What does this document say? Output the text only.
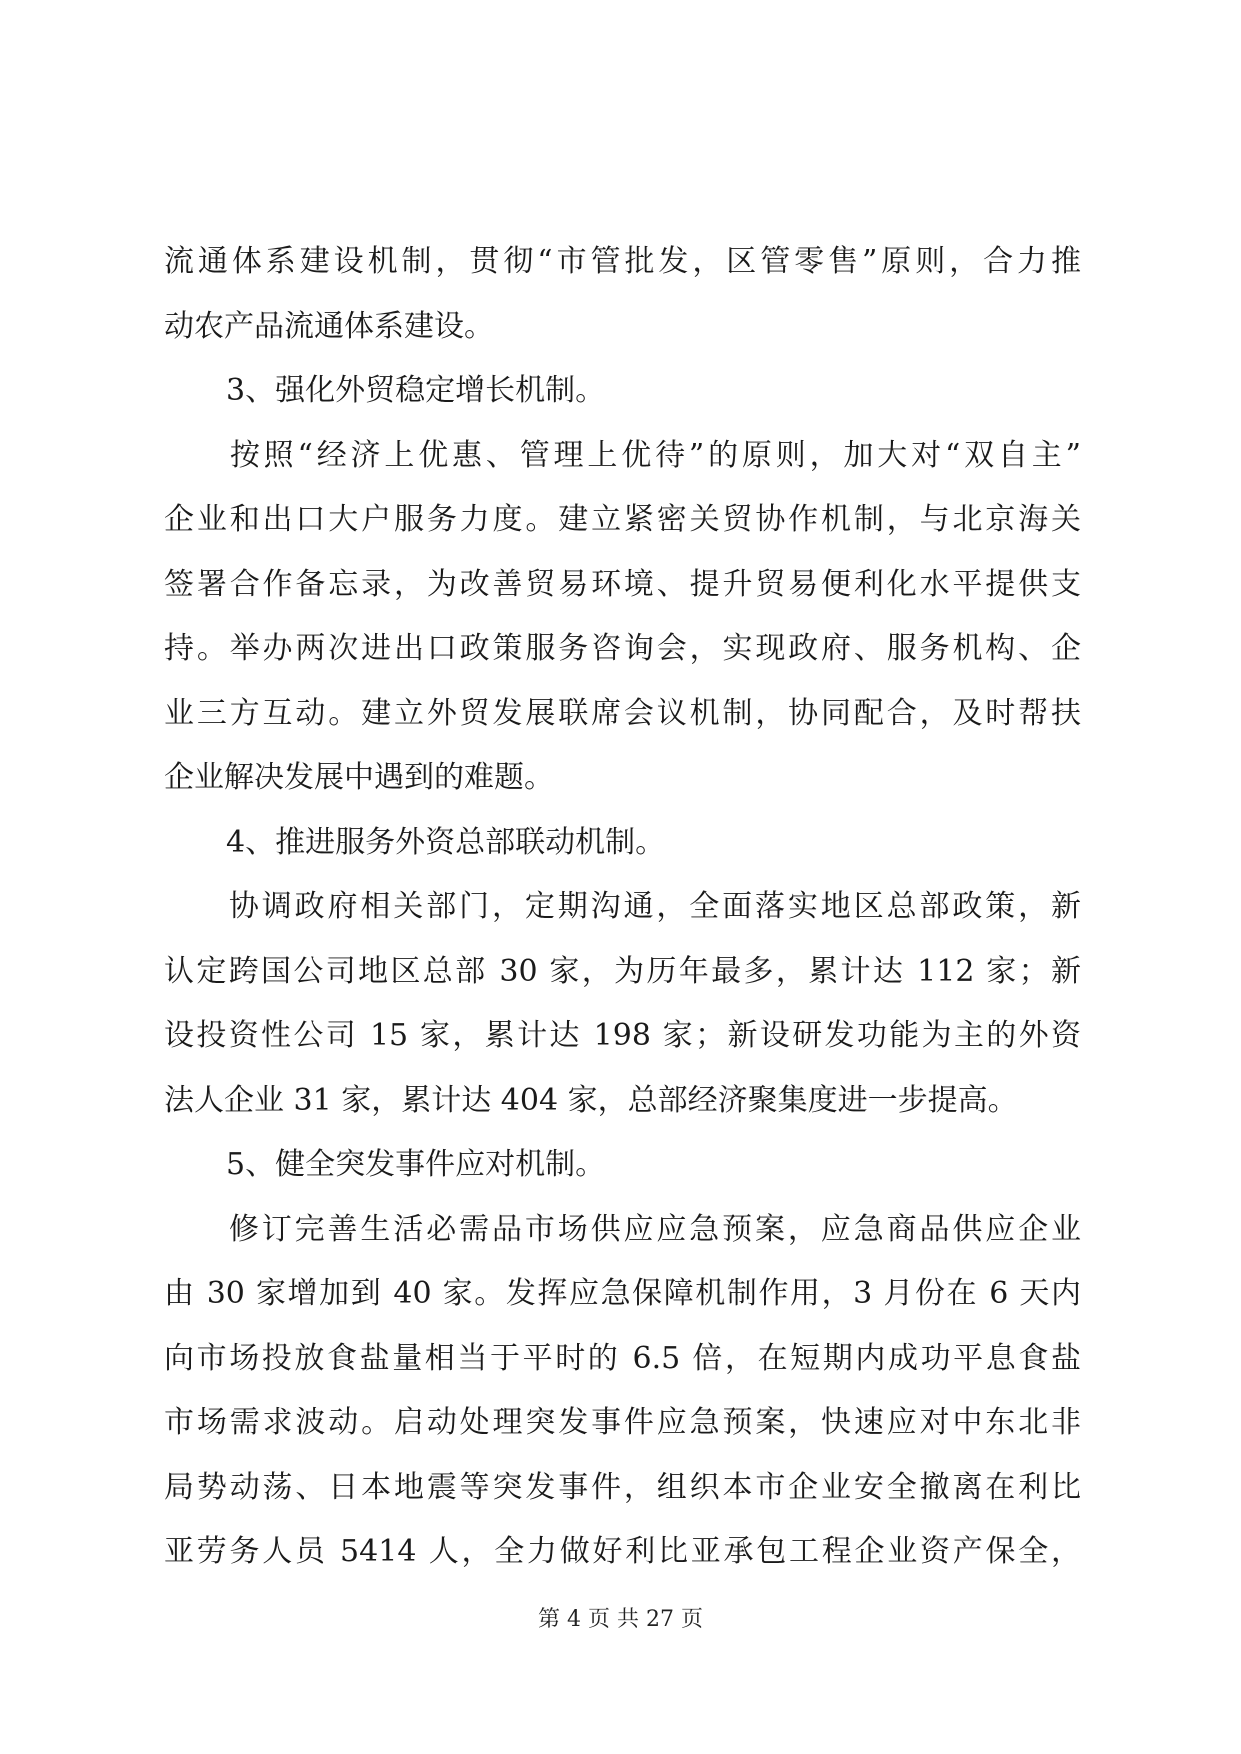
流通体系建设机制，贯彻“市管批发，区管零售”原则，合力推
动农产品流通体系建设。
3、强化外贸稳定增长机制。
按照“经济上优惠、管理上优待”的原则，加大对“双自主”
企业和出口大户服务力度。建立紧密关贸协作机制，与北京海关
签署合作备忘录，为改善贸易环境、提升贸易便利化水平提供支
持。举办两次进出口政策服务咨询会，实现政府、服务机构、企
业三方互动。建立外贸发展联席会议机制，协同配合，及时帮扶
企业解决发展中遇到的难题。
4、推进服务外资总部联动机制。
协调政府相关部门，定期沟通，全面落实地区总部政策，新
认定跨国公司地区总部 30 家，为历年最多，累计达 112 家；新
设投资性公司 15 家，累计达 198 家；新设研发功能为主的外资
法人企业 31 家，累计达 404 家，总部经济聚集度进一步提高。
5、健全突发事件应对机制。
修订完善生活必需品市场供应应急预案，应急商品供应企业
由 30 家增加到 40 家。发挥应急保障机制作用，3 月份在 6 天内
向市场投放食盐量相当于平时的 6.5 倍，在短期内成功平息食盐
市场需求波动。启动处理突发事件应急预案，快速应对中东北非
局势动荡、日本地震等突发事件，组织本市企业安全撤离在利比
亚劳务人员 5414 人，全力做好利比亚承包工程企业资产保全，
第 4 页 共 27 页
